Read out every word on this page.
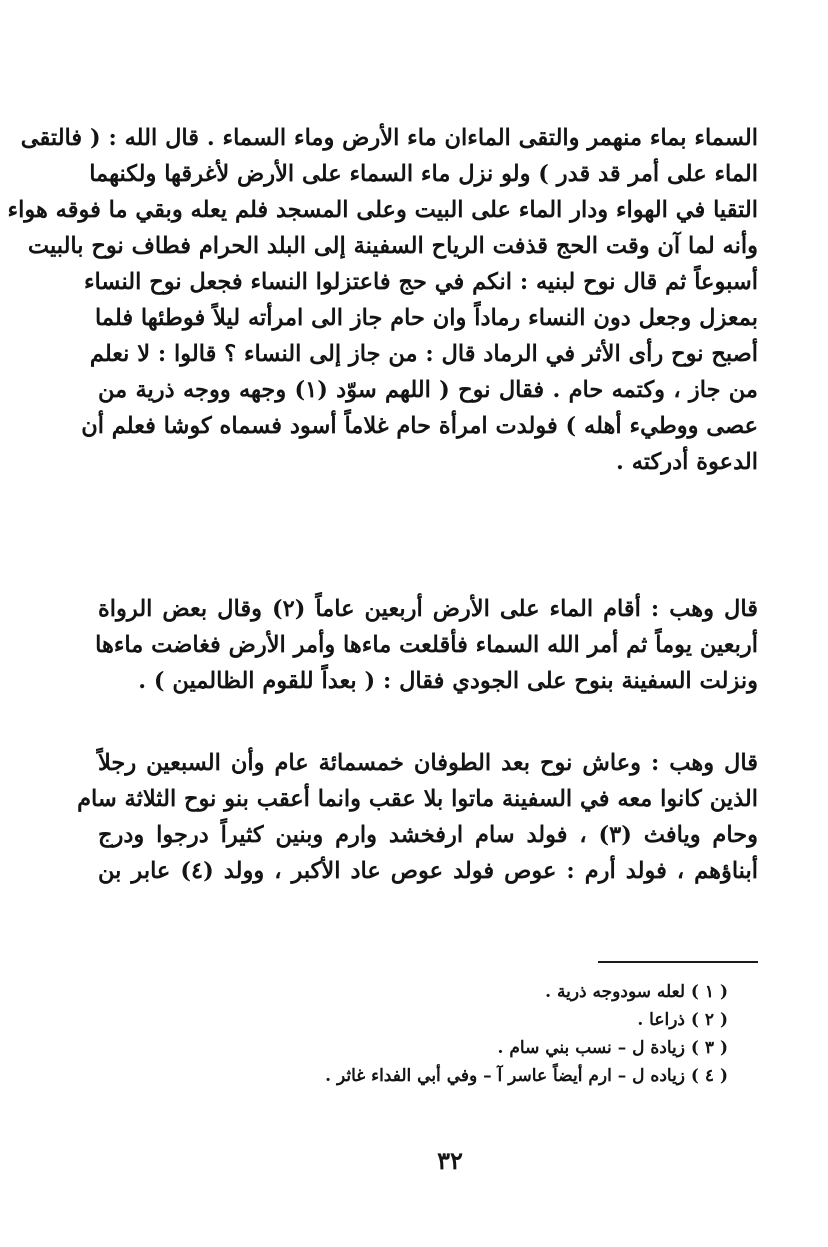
السماء بماء منهمر والتقى الماءان ماء الأرض وماء السماء . قال الله : ( فالتقى
الماء على أمر قد قدر ) ولو نزل ماء السماء على الأرض لأغرقها ولكنهما
التقيا في الهواء ودار الماء على البيت وعلى المسجد فلم يعله وبقي ما فوقه هواء
وأنه لما آن وقت الحج قذفت الرياح السفينة إلى البلد الحرام فطاف نوح بالبيت
أسبوعاً ثم قال نوح لبنيه : انكم في حج فاعتزلوا النساء فجعل نوح النساء
بمعزل وجعل دون النساء رماداً وان حام جاز الى امرأته ليلاً فوطئها فلما
أصبح نوح رأى الأثر في الرماد قال : من جاز إلى النساء ؟ قالوا : لا نعلم
من جاز ، وكتمه حام . فقال نوح ( اللهم سوّد (١) وجهه ووجه ذرية من
عصى ووطيء أهله ) فولدت امرأة حام غلاماً أسود فسماه كوشا فعلم أن
الدعوة أدركته .
قال وهب : أقام الماء على الأرض أربعين عاماً (٢) وقال بعض الرواة
أربعين يوماً ثم أمر الله السماء فأقلعت ماءها وأمر الأرض فغاضت ماءها
ونزلت السفينة بنوح على الجودي فقال : ( بعداً للقوم الظالمين ) .
قال وهب : وعاش نوح بعد الطوفان خمسمائة عام وأن السبعين رجلاً
الذين كانوا معه في السفينة ماتوا بلا عقب وانما أعقب بنو نوح الثلاثة سام
وحام ويافث (٣) ، فولد سام ارفخشد وارم وبنين كثيراً درجوا ودرج
أبناؤهم ، فولد أرم : عوص فولد عوص عاد الأكبر ، وولد (٤) عابر بن
( ١ ) لعله سودوجه ذرية .
( ٢ ) ذراعا .
( ٣ ) زيادة ل – نسب بني سام .
( ٤ ) زياده ل – ارم أيضاً عاسر آ – وفي أبي الفداء غاثر .
٣٢
